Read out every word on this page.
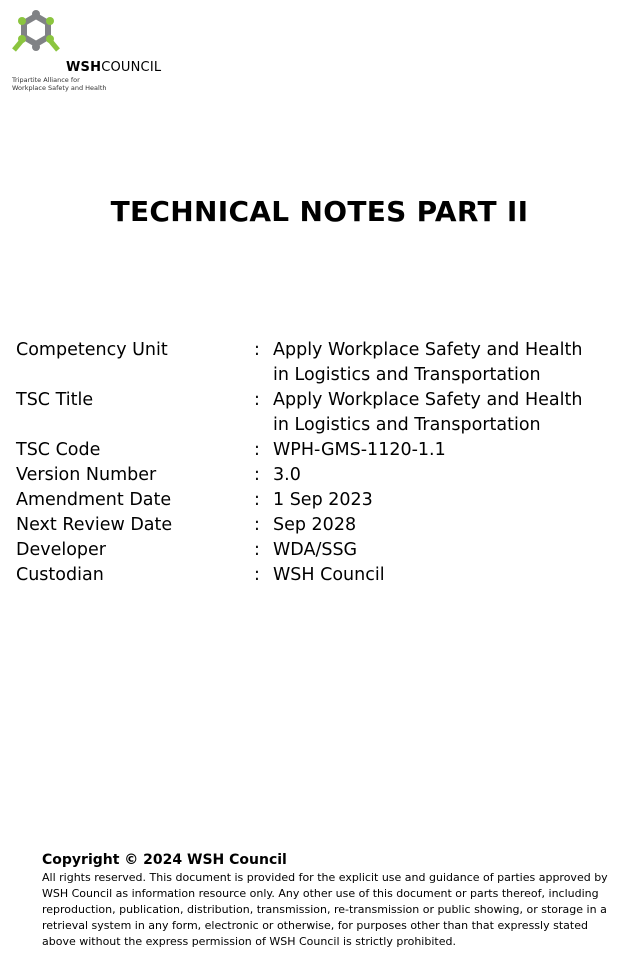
WSHCOUNCIL
Tripartite Alliance for
Workplace Safety and Health
TECHNICAL NOTES PART II
Competency Unit	: Apply Workplace Safety and Health in Logistics and Transportation
TSC Title	: Apply Workplace Safety and Health in Logistics and Transportation
TSC Code	: WPH-GMS-1120-1.1
Version Number	: 3.0
Amendment Date	: 1 Sep 2023
Next Review Date	: Sep 2028
Developer	: WDA/SSG
Custodian	: WSH Council
Copyright © 2024 WSH Council
All rights reserved. This document is provided for the explicit use and guidance of parties approved by WSH Council as information resource only. Any other use of this document or parts thereof, including reproduction, publication, distribution, transmission, re-transmission or public showing, or storage in a retrieval system in any form, electronic or otherwise, for purposes other than that expressly stated above without the express permission of WSH Council is strictly prohibited.
